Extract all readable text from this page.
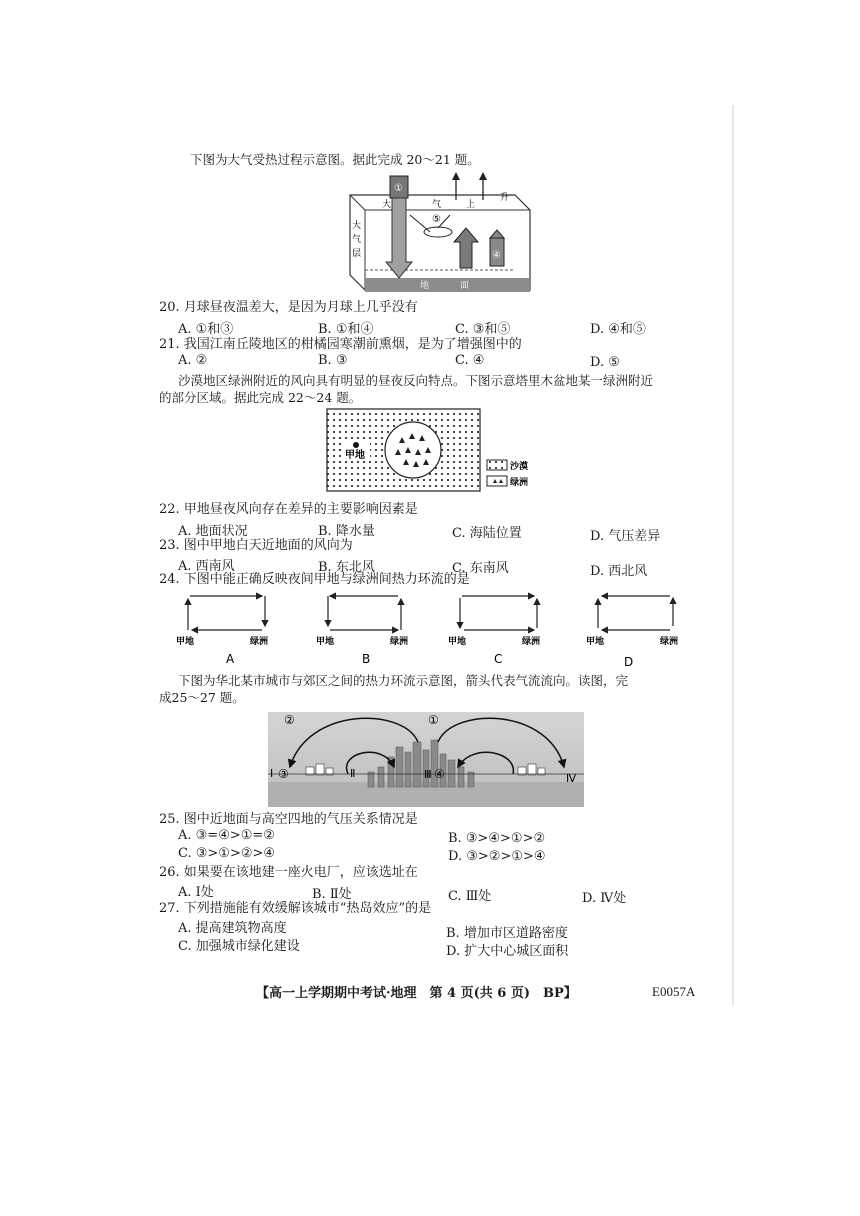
下图为大气受热过程示意图。据此完成 20～21 题。
①
大	气	上
升
⑤
大
气
层
地	面
④
20. 月球昼夜温差大，是因为月球上几乎没有
A. ①和③	B. ①和④	C. ③和⑤	D. ④和⑤
21. 我国江南丘陵地区的柑橘园寒潮前熏烟，是为了增强图中的
A. ②	B. ③	C. ④	D. ⑤
沙漠地区绿洲附近的风向具有明显的昼夜反向特点。下图示意塔里木盆地某一绿洲附近
的部分区域。据此完成 22～24 题。
甲地
沙漠
绿洲
22. 甲地昼夜风向存在差异的主要影响因素是
A. 地面状况	B. 降水量	C. 海陆位置	D. 气压差异
23. 图中甲地白天近地面的风向为
A. 西南风	B. 东北风	C. 东南风	D. 西北风
24. 下图中能正确反映夜间甲地与绿洲间热力环流的是
甲地	绿洲
A
甲地	绿洲
B
甲地	绿洲
C
甲地	绿洲
D
下图为华北某市城市与郊区之间的热力环流示意图，箭头代表气流流向。读图，完
成25～27 题。
②	①
Ⅰ ③	Ⅱ	Ⅲ ④	Ⅳ
25. 图中近地面与高空四地的气压关系情况是
A. ③=④>①=②	B. ③>④>①>②
C. ③>①>②>④	D. ③>②>①>④
26. 如果要在该地建一座火电厂，应该选址在
A. Ⅰ处	B. Ⅱ处	C. Ⅲ处	D. Ⅳ处
27. 下列措施能有效缓解该城市“热岛效应”的是
A. 提高建筑物高度	B. 增加市区道路密度
C. 加强城市绿化建设	D. 扩大中心城区面积
【高一上学期期中考试·地理　第 4 页(共 6 页)　BP】	E0057A
